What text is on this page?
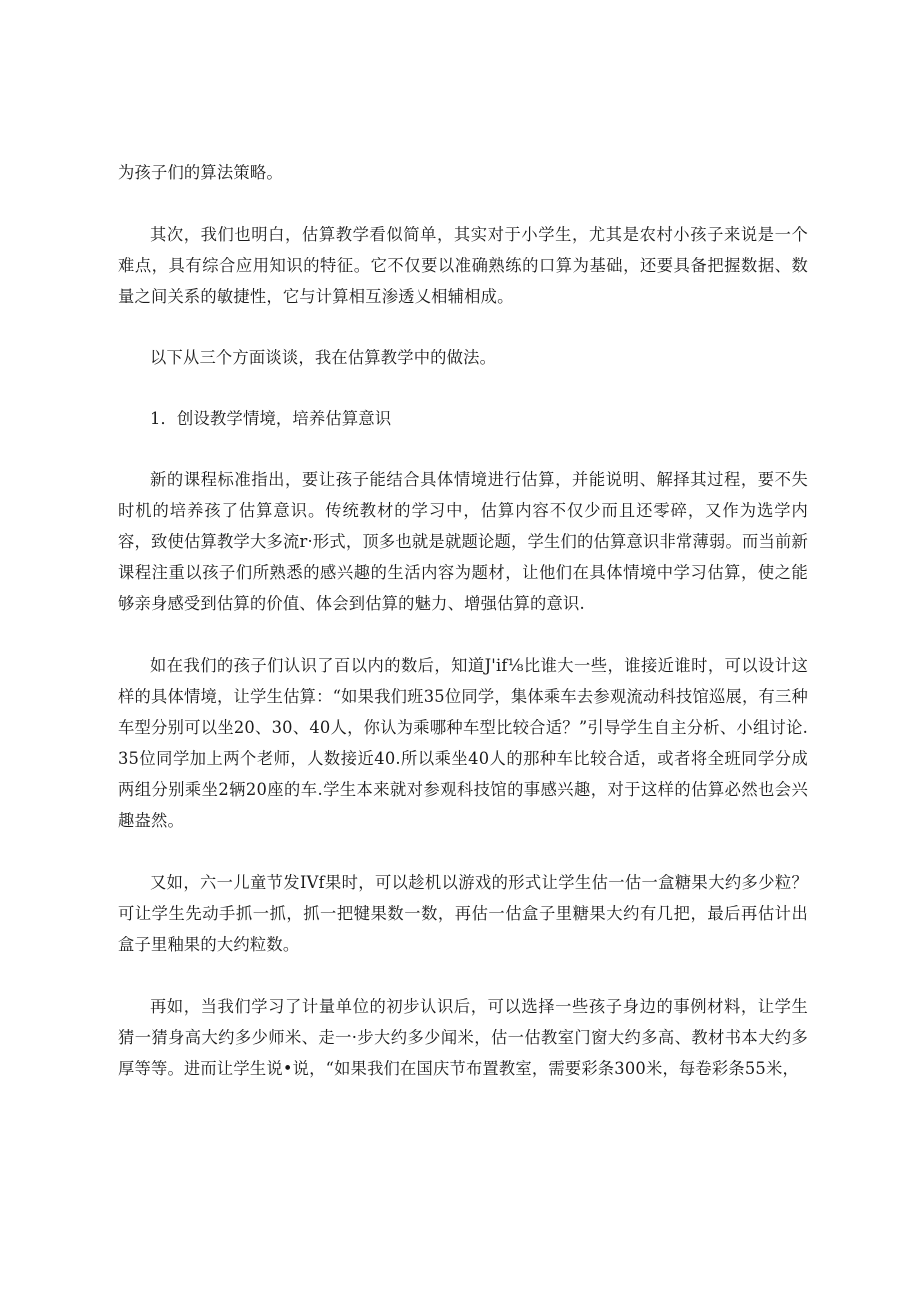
为孩子们的算法策略。

其次，我们也明白，估算教学看似简单，其实对于小学生，尤其是农村小孩子来说是一个难点，具有综合应用知识的特征。它不仅要以准确熟练的口算为基础，还要具备把握数据、数量之间关系的敏捷性，它与计算相互渗透乂相辅相成。

以下从三个方面谈谈，我在估算教学中的做法。

1．创设教学情境，培养估算意识

新的课程标准指出，要让孩子能结合具体情境进行估算，并能说明、解择其过程，要不失时机的培养孩了估算意识。传统教材的学习中，估算内容不仅少而且还零碎，又作为选学内容，致使估算教学大多流r·形式，顶多也就是就题论题，学生们的估算意识非常薄弱。而当前新课程注重以孩子们所熟悉的感兴趣的生活内容为题材，让他们在具体情境中学习估算，使之能够亲身感受到估算的价值、体会到估算的魅力、增强估算的意识.

如在我们的孩子们认识了百以内的数后，知道J'if⅛比谁大一些，谁接近谁时，可以设计这样的具体情境，让学生估算：“如果我们班35位同学，集体乘车去参观流动科技馆巡展，有三种车型分别可以坐20、30、40人，你认为乘哪种车型比较合适？”引导学生自主分析、小组讨论. 35位同学加上两个老师，人数接近40.所以乘坐40人的那种车比较合适，或者将全班同学分成两组分别乘坐2辆20座的车.学生本来就对参观科技馆的事感兴趣，对于这样的估算必然也会兴趣盎然。

又如，六一儿童节发IVf果时，可以趁机以游戏的形式让学生估一估一盒糖果大约多少粒？可让学生先动手抓一抓，抓一把犍果数一数，再估一估盒子里糖果大约有几把，最后再估计出盒子里釉果的大约粒数。

再如，当我们学习了计量单位的初步认识后，可以选择一些孩子身边的事例材料，让学生猜一猜身高大约多少师米、走一·步大约多少闻米，估一估教室门窗大约多高、教材书本大约多厚等等。进而让学生说•说，“如果我们在国庆节布置教室，需要彩条300米，每卷彩条55米，
